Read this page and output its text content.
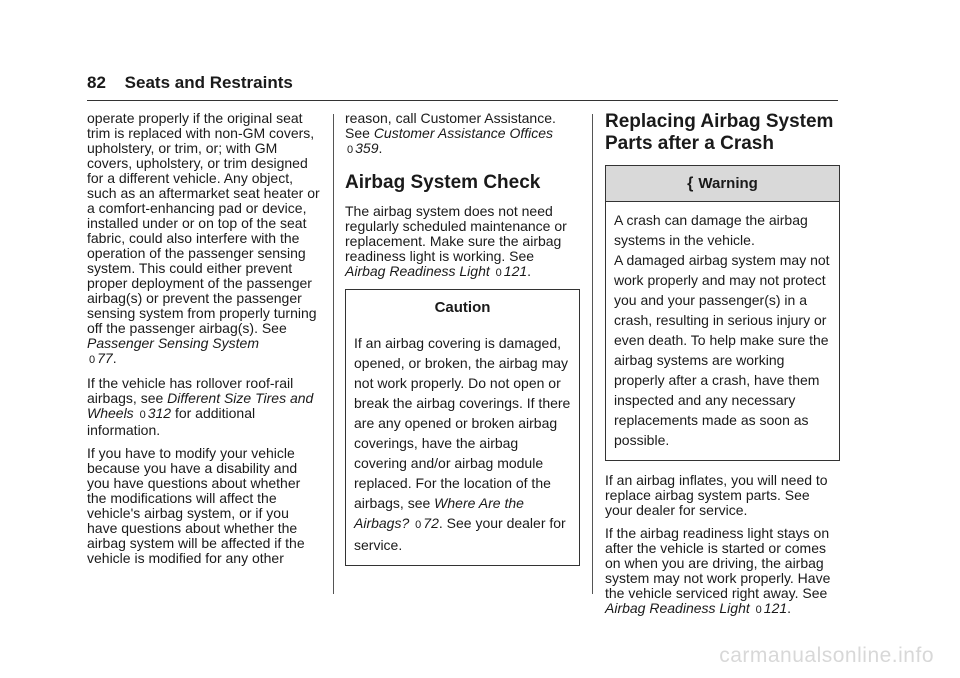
82 Seats and Restraints

operate properly if the original seat trim is replaced with non-GM covers, upholstery, or trim, or; with GM covers, upholstery, or trim designed for a different vehicle. Any object, such as an aftermarket seat heater or a comfort-enhancing pad or device, installed under or on top of the seat fabric, could also interfere with the operation of the passenger sensing system. This could either prevent proper deployment of the passenger airbag(s) or prevent the passenger sensing system from properly turning off the passenger airbag(s). See Passenger Sensing System
0 77.

If the vehicle has rollover roof-rail airbags, see Different Size Tires and Wheels 0 312 for additional information.

If you have to modify your vehicle because you have a disability and you have questions about whether the modifications will affect the vehicle's airbag system, or if you have questions about whether the airbag system will be affected if the vehicle is modified for any other

reason, call Customer Assistance. See Customer Assistance Offices
0 359.

Airbag System Check

The airbag system does not need regularly scheduled maintenance or replacement. Make sure the airbag readiness light is working. See
Airbag Readiness Light 0 121.

Caution

If an airbag covering is damaged, opened, or broken, the airbag may not work properly. Do not open or break the airbag coverings. If there are any opened or broken airbag coverings, have the airbag covering and/or airbag module replaced. For the location of the airbags, see Where Are the Airbags? 0 72. See your dealer for service.

Replacing Airbag System Parts after a Crash
{ Warning

A crash can damage the airbag systems in the vehicle.

A damaged airbag system may not work properly and may not protect you and your passenger(s) in a crash, resulting in serious injury or even death. To help make sure the airbag systems are working properly after a crash, have them inspected and any necessary replacements made as soon as possible.

If an airbag inflates, you will need to replace airbag system parts. See your dealer for service.

If the airbag readiness light stays on after the vehicle is started or comes on when you are driving, the airbag system may not work properly. Have the vehicle serviced right away. See
Airbag Readiness Light 0 121.

carmanualsonline.info
